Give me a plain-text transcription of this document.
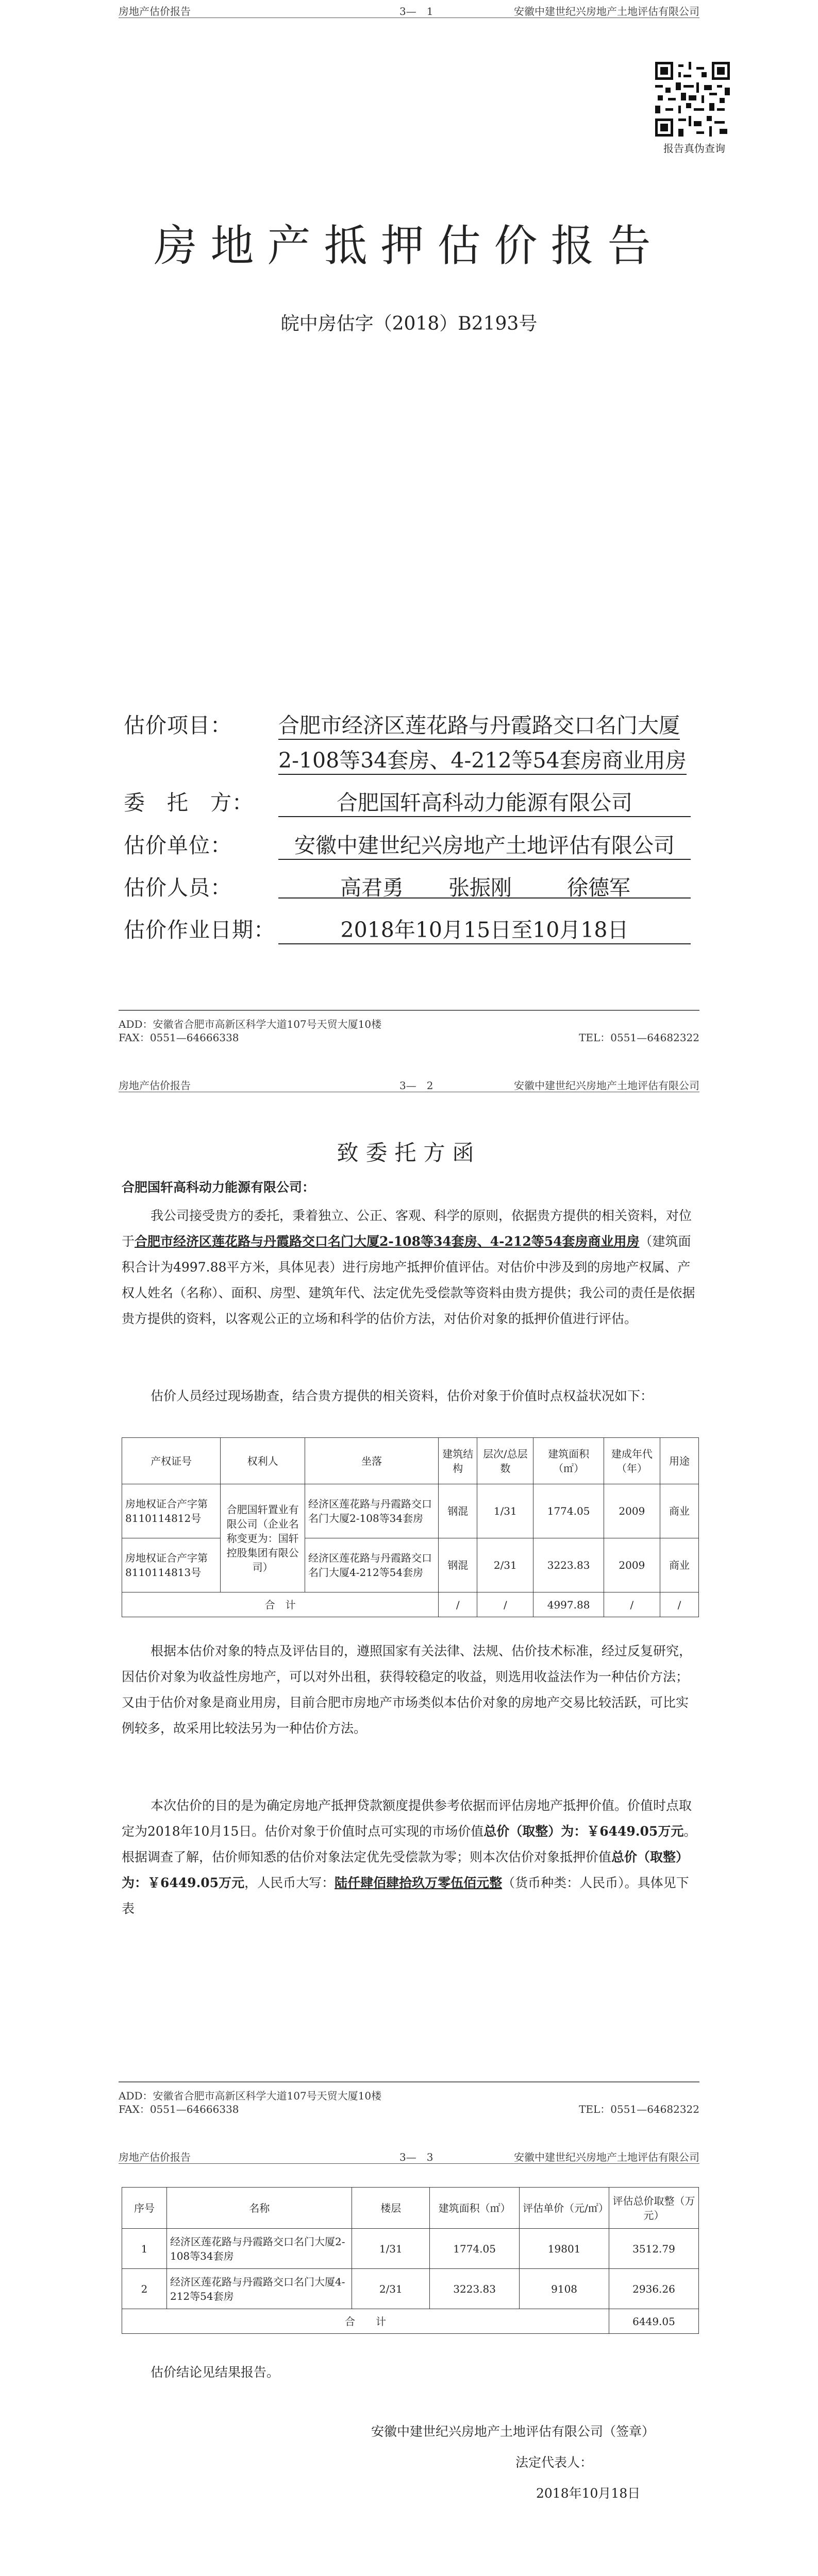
房地产估价报告	3—　1	安徽中建世纪兴房地产土地评估有限公司
报告真伪查询
房地产抵押估价报告
皖中房估字（2018）B2193号
估价项目： 合肥市经济区莲花路与丹霞路交口名门大厦
2-108等34套房、4-212等54套房商业用房
委　托　方：	合肥国轩高科动力能源有限公司
估价单位：	安徽中建世纪兴房地产土地评估有限公司
估价人员：	高君勇 张振刚	徐德军
估价作业日期：	2018年10月15日至10月18日
ADD：安徽省合肥市高新区科学大道107号天贸大厦10楼
FAX：0551—64666338	TEL：0551—64682322
房地产估价报告	3—　2	安徽中建世纪兴房地产土地评估有限公司
致委托方函
合肥国轩高科动力能源有限公司：

我公司接受贵方的委托，秉着独立、公正、客观、科学的原则，依据贵方提供的相关资料，对位于合肥市经济区莲花路与丹霞路交口名门大厦2-108等34套房、4-212等54套房商业用房（建筑面积合计为4997.88平方米，具体见表）进行房地产抵押价值评估。对估价中涉及到的房地产权属、产权人姓名（名称）、面积、房型、建筑年代、法定优先受偿款等资料由贵方提供；我公司的责任是依据贵方提供的资料，以客观公正的立场和科学的估价方法，对估价对象的抵押价值进行评估。

估价人员经过现场勘查，结合贵方提供的相关资料，估价对象于价值时点权益状况如下：

产权证号	权利人	坐落	建筑结构	层次/总层数	建筑面积（㎡）	建成年代（年）	用途
房地权证合产字第8110114812号	合肥国轩置业有限公司（企业名称变更为：国轩控股集团有限公司）	经济区莲花路与丹霞路交口名门大厦2-108等34套房	钢混	1/31	1774.05	2009	商业
房地权证合产字第8110114813号		经济区莲花路与丹霞路交口名门大厦4-212等54套房	钢混	2/31	3223.83	2009	商业
合　计			/	/	4997.88	/	/

根据本估价对象的特点及评估目的，遵照国家有关法律、法规、估价技术标准，经过反复研究，因估价对象为收益性房地产，可以对外出租，获得较稳定的收益，则选用收益法作为一种估价方法；又由于估价对象是商业用房，目前合肥市房地产市场类似本估价对象的房地产交易比较活跃，可比实例较多，故采用比较法另为一种估价方法。

本次估价的目的是为确定房地产抵押贷款额度提供参考依据而评估房地产抵押价值。价值时点取定为2018年10月15日。估价对象于价值时点可实现的市场价值总价（取整）为：￥6449.05万元。根据调查了解，估价师知悉的估价对象法定优先受偿款为零；则本次估价对象抵押价值总价（取整）为：￥6449.05万元，人民币大写：陆仟肆佰肆拾玖万零伍佰元整（货币种类：人民币）。具体见下表

ADD：安徽省合肥市高新区科学大道107号天贸大厦10楼
FAX：0551—64666338	TEL：0551—64682322
房地产估价报告	3—　3	安徽中建世纪兴房地产土地评估有限公司
序号	名称	楼层	建筑面积（㎡）	评估单价（元/㎡）	评估总价取整（万元）
1	经济区莲花路与丹霞路交口名门大厦2-108等34套房	1/31	1774.05	19801	3512.79
2	经济区莲花路与丹霞路交口名门大厦4-212等54套房	2/31	3223.83	9108	2936.26
合　　计					6449.05
估价结论见结果报告。
安徽中建世纪兴房地产土地评估有限公司（签章）
法定代表人：
2018年10月18日
